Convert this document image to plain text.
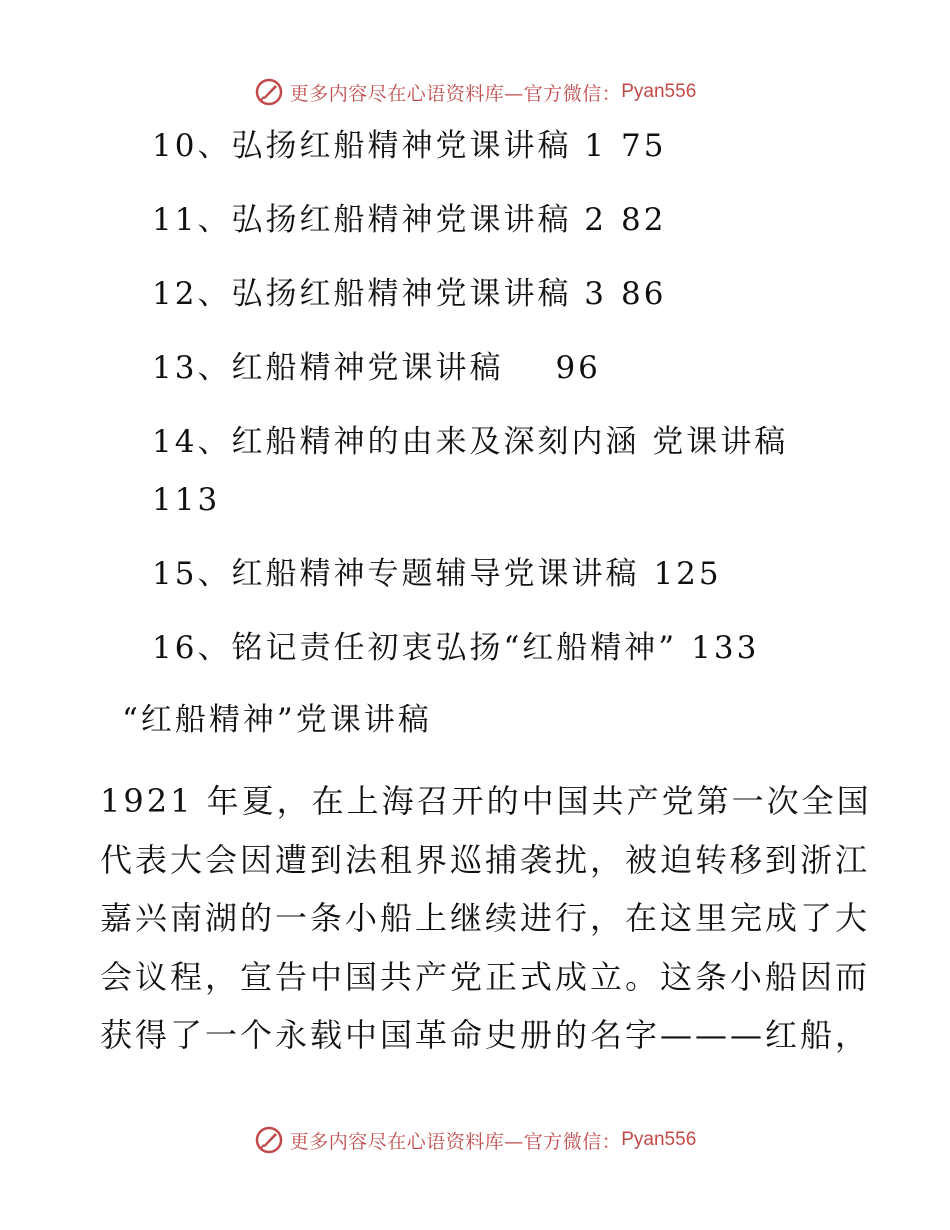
更多内容尽在心语资料库—官方微信： Pyan556
10、弘扬红船精神党课讲稿 1 75
11、弘扬红船精神党课讲稿 2 82
12、弘扬红船精神党课讲稿 3 86
13、红船精神党课讲稿 96
14、红船精神的由来及深刻内涵 党课讲稿
113
15、红船精神专题辅导党课讲稿 125
16、铭记责任初衷弘扬“红船精神” 133
“红船精神”党课讲稿
1921 年夏，在上海召开的中国共产党第一次全国
代表大会因遭到法租界巡捕袭扰，被迫转移到浙江
嘉兴南湖的一条小船上继续进行，在这里完成了大
会议程，宣告中国共产党正式成立。这条小船因而
获得了一个永载中国革命史册的名字———红船，
更多内容尽在心语资料库—官方微信： Pyan556
